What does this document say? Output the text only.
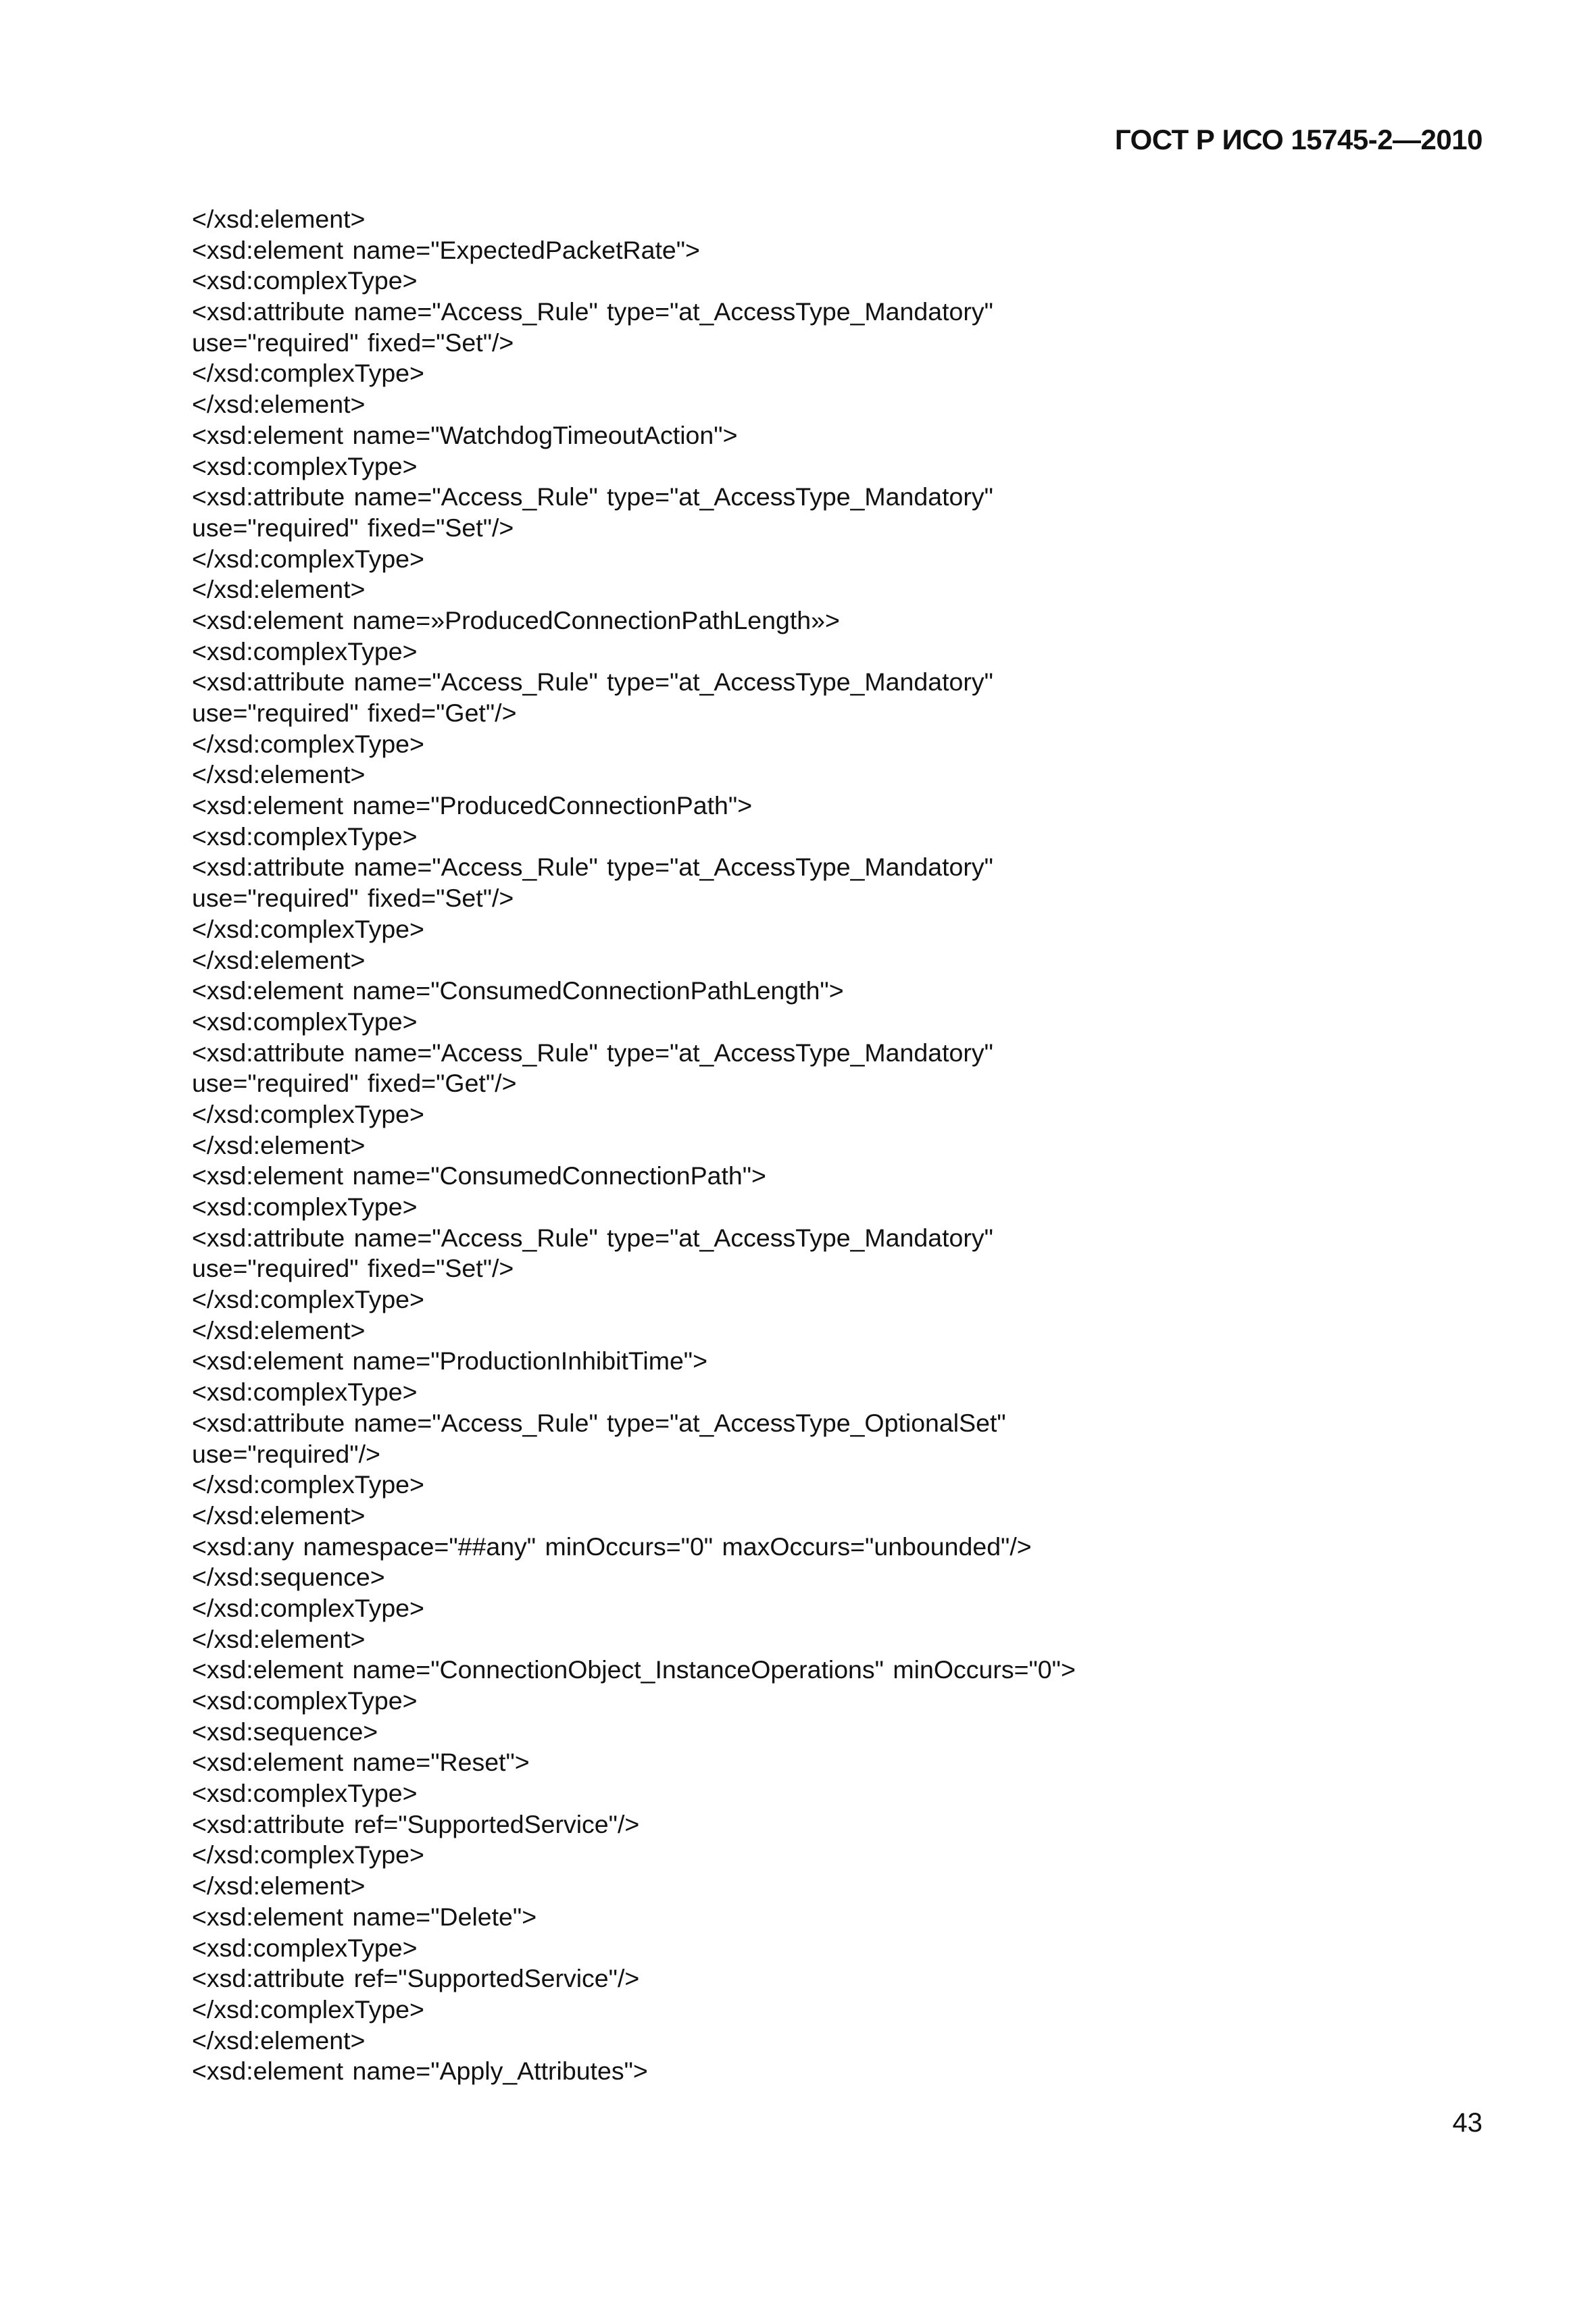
ГОСТ Р ИСО 15745-2—2010
</xsd:element>
<xsd:element name="ExpectedPacketRate">
<xsd:complexType>
<xsd:attribute name="Access_Rule" type="at_AccessType_Mandatory"
use="required" fixed="Set"/>
</xsd:complexType>
</xsd:element>
<xsd:element name="WatchdogTimeoutAction">
<xsd:complexType>
<xsd:attribute name="Access_Rule" type="at_AccessType_Mandatory"
use="required" fixed="Set"/>
</xsd:complexType>
</xsd:element>
<xsd:element name=»ProducedConnectionPathLength»>
<xsd:complexType>
<xsd:attribute name="Access_Rule" type="at_AccessType_Mandatory"
use="required" fixed="Get"/>
</xsd:complexType>
</xsd:element>
<xsd:element name="ProducedConnectionPath">
<xsd:complexType>
<xsd:attribute name="Access_Rule" type="at_AccessType_Mandatory"
use="required" fixed="Set"/>
</xsd:complexType>
</xsd:element>
<xsd:element name="ConsumedConnectionPathLength">
<xsd:complexType>
<xsd:attribute name="Access_Rule" type="at_AccessType_Mandatory"
use="required" fixed="Get"/>
</xsd:complexType>
</xsd:element>
<xsd:element name="ConsumedConnectionPath">
<xsd:complexType>
<xsd:attribute name="Access_Rule" type="at_AccessType_Mandatory"
use="required" fixed="Set"/>
</xsd:complexType>
</xsd:element>
<xsd:element name="ProductionInhibitTime">
<xsd:complexType>
<xsd:attribute name="Access_Rule" type="at_AccessType_OptionalSet"
use="required"/>
</xsd:complexType>
</xsd:element>
<xsd:any namespace="##any" minOccurs="0" maxOccurs="unbounded"/>
</xsd:sequence>
</xsd:complexType>
</xsd:element>
<xsd:element name="ConnectionObject_InstanceOperations" minOccurs="0">
<xsd:complexType>
<xsd:sequence>
<xsd:element name="Reset">
<xsd:complexType>
<xsd:attribute ref="SupportedService"/>
</xsd:complexType>
</xsd:element>
<xsd:element name="Delete">
<xsd:complexType>
<xsd:attribute ref="SupportedService"/>
</xsd:complexType>
</xsd:element>
<xsd:element name="Apply_Attributes">
43
